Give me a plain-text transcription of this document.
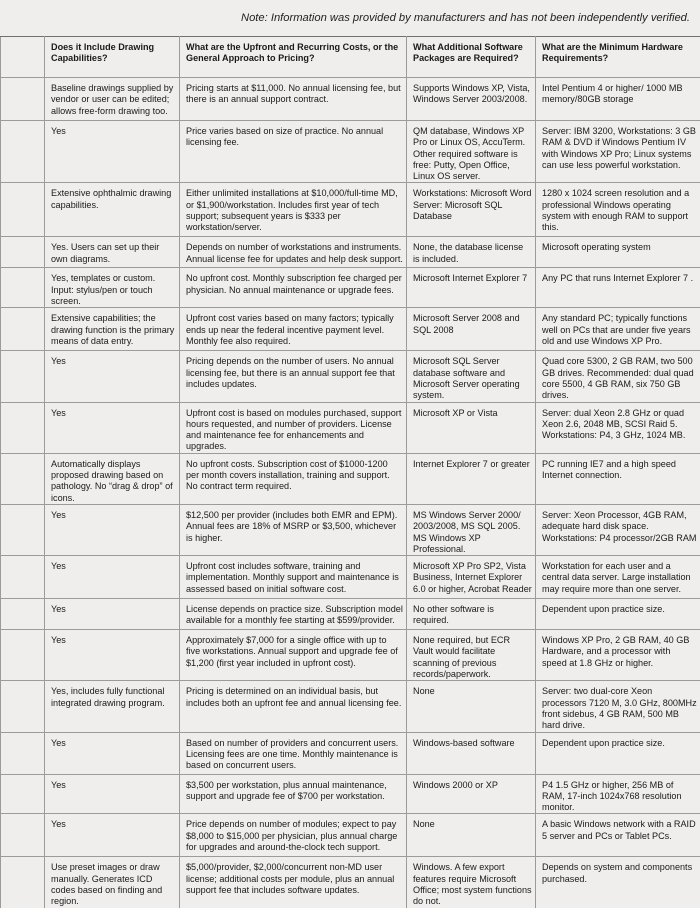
Note: Information was provided by manufacturers and has not been independently verified.
	Does it Include Drawing Capabilities?	What are the Upfront and Recurring Costs, or the General Approach to Pricing?	What Additional Software Packages are Required?	What are the Minimum Hardware Requirements?
	Baseline drawings supplied by vendor or user can be edited; allows free-form drawing too.	Pricing starts at $11,000. No annual licensing fee, but there is an annual support contract.	Supports Windows XP, Vista, Windows Server 2003/2008.	Intel Pentium 4 or higher/ 1000 MB memory/80GB storage
	Yes	Price varies based on size of practice. No annual licensing fee.	QM database, Windows XP Pro or Linux OS, AccuTerm. Other required software is free: Putty, Open Office, Linux OS server.	Server: IBM 3200, Workstations: 3 GB RAM & DVD if Windows Pentium IV with Windows XP Pro; Linux systems can use less powerful workstation.
	Extensive ophthalmic drawing capabilities.	Either unlimited installations at $10,000/full-time MD, or $1,900/workstation. Includes first year of tech support; subsequent years is $333 per workstation/server.	Workstations: Microsoft Word Server: Microsoft SQL Database	1280 x 1024 screen resolution and a professional Windows operating system with enough RAM to support this.
	Yes. Users can set up their own diagrams.	Depends on number of workstations and instruments. Annual license fee for updates and help desk support.	None, the database license is included.	Microsoft operating system
	Yes, templates or custom. Input: stylus/pen or touch screen.	No upfront cost. Monthly subscription fee charged per physician. No annual maintenance or upgrade fees.	Microsoft Internet Explorer 7	Any PC that runs Internet Explorer 7 .
	Extensive capabilities; the drawing function is the primary means of data entry.	Upfront cost varies based on many factors; typically ends up near the federal incentive payment level. Monthly fee also required.	Microsoft Server 2008 and SQL 2008	Any standard PC; typically functions well on PCs that are under five years old and use Windows XP Pro.
	Yes	Pricing depends on the number of users. No annual licensing fee, but there is an annual support fee that includes updates.	Microsoft SQL Server database software and Microsoft Server operating system.	Quad core 5300, 2 GB RAM, two 500 GB drives. Recommended: dual quad core 5500, 4 GB RAM, six 750 GB drives.
	Yes	Upfront cost is based on modules purchased, support hours requested, and number of providers. License and maintenance fee for enhancements and upgrades.	Microsoft XP or Vista	Server: dual Xeon 2.8 GHz or quad Xeon 2.6, 2048 MB, SCSI Raid 5. Workstations: P4, 3 GHz, 1024 MB.
	Automatically displays proposed drawing based on pathology. No “drag & drop” of icons.	No upfront costs. Subscription cost of $1000-1200 per month covers installation, training and support. No contract term required.	Internet Explorer 7 or greater	PC running IE7 and a high speed Internet connection.
	Yes	$12,500 per provider (includes both EMR and EPM). Annual fees are 18% of MSRP or $3,500, whichever is higher.	MS Windows Server 2000/ 2003/2008, MS SQL 2005. MS Windows XP Professional.	Server: Xeon Processor, 4GB RAM, adequate hard disk space. Workstations: P4 processor/2GB RAM
	Yes	Upfront cost includes software, training and implementation. Monthly support and maintenance is assessed based on initial software cost.	Microsoft XP Pro SP2, Vista Business, Internet Explorer 6.0 or higher, Acrobat Reader	Workstation for each user and a central data server. Large installation may require more than one server.
	Yes	License depends on practice size. Subscription model available for a monthly fee starting at $599/provider.	No other software is required.	Dependent upon practice size.
	Yes	Approximately $7,000 for a single office with up to five workstations. Annual support and upgrade fee of $1,200 (first year included in upfront cost).	None required, but ECR Vault would facilitate scanning of previous records/paperwork.	Windows XP Pro, 2 GB RAM, 40 GB Hardware, and a processor with speed at 1.8 GHz or higher.
	Yes, includes fully functional integrated drawing program.	Pricing is determined on an individual basis, but includes both an upfront fee and annual licensing fee.	None	Server: two dual-core Xeon processors 7120 M, 3.0 GHz, 800MHz front sidebus, 4 GB RAM, 500 MB hard drive.
	Yes	Based on number of providers and concurrent users. Licensing fees are one time. Monthly maintenance is based on concurrent users.	Windows-based software	Dependent upon practice size.
	Yes	$3,500 per workstation, plus annual maintenance, support and upgrade fee of $700 per workstation.	Windows 2000 or XP	P4 1.5 GHz or higher, 256 MB of RAM, 17-inch 1024x768 resolution monitor.
	Yes	Price depends on number of modules; expect to pay $8,000 to $15,000 per physician, plus annual charge for upgrades and around-the-clock tech support.	None	A basic Windows network with a RAID 5 server and PCs or Tablet PCs.
	Use preset images or draw manually. Generates ICD codes based on finding and region.	$5,000/provider, $2,000/concurrent non-MD user license; additional costs per module, plus an annual support fee that includes software updates.	Windows. A few export features require Microsoft Office; most system functions do not.	Depends on system and components purchased.
